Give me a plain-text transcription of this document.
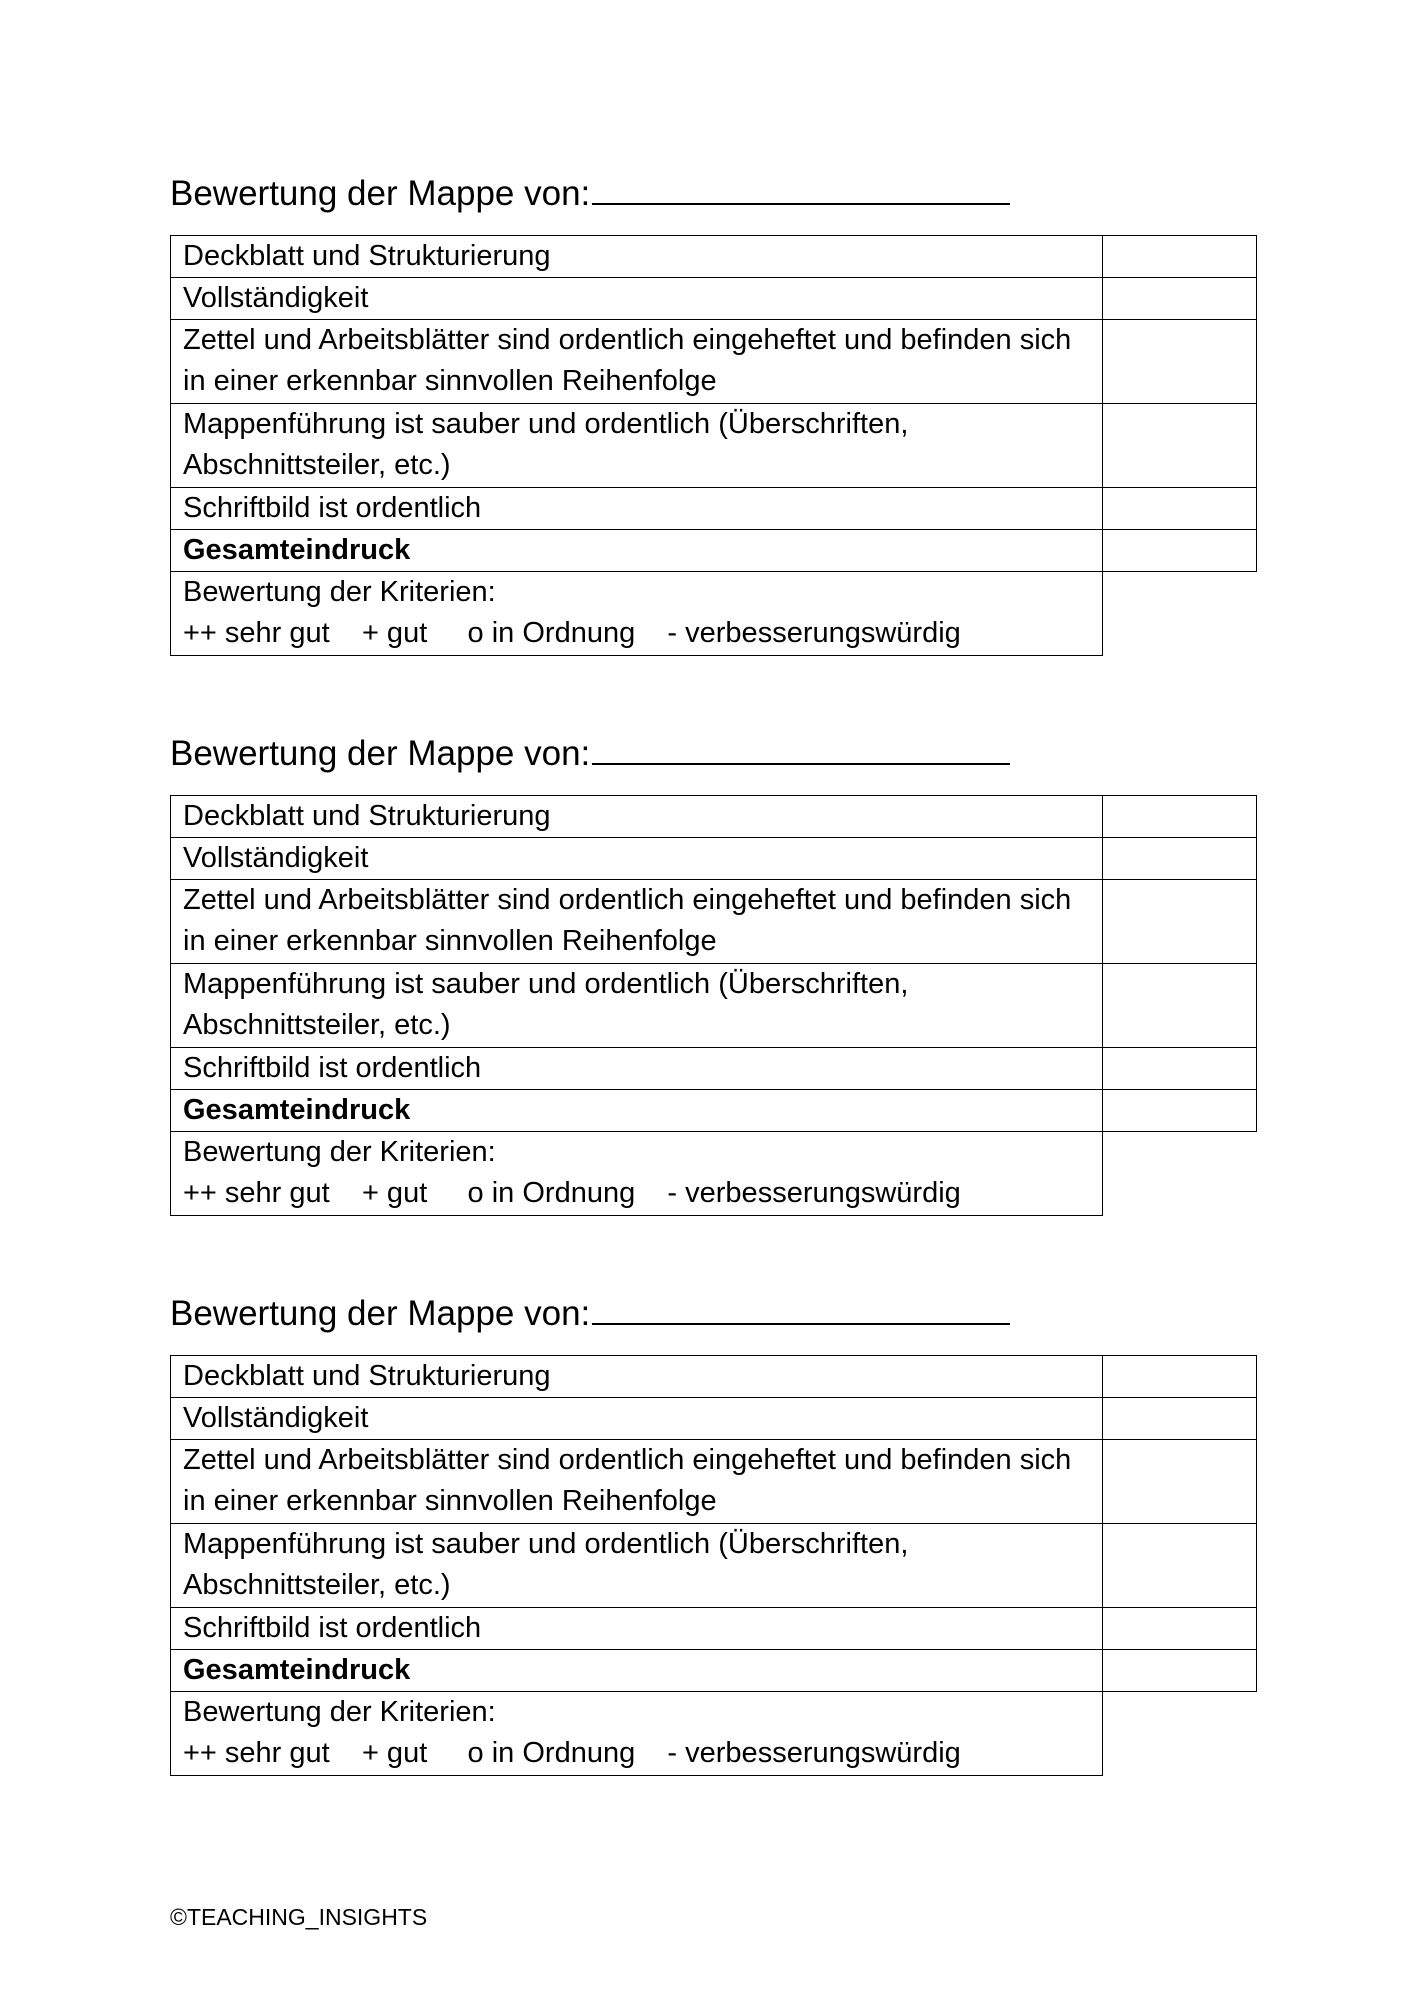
Bewertung der Mappe von:
Deckblatt und Strukturierung	
Vollständigkeit	
Zettel und Arbeitsblätter sind ordentlich eingeheftet und befinden sich in einer erkennbar sinnvollen Reihenfolge	
Mappenführung ist sauber und ordentlich (Überschriften, Abschnittsteiler, etc.)	
Schriftbild ist ordentlich	
Gesamteindruck	

Bewertung der Kriterien:
++ sehr gut    + gut     o in Ordnung    - verbesserungswürdig	

Bewertung der Mappe von:
Deckblatt und Strukturierung	
Vollständigkeit	
Zettel und Arbeitsblätter sind ordentlich eingeheftet und befinden sich in einer erkennbar sinnvollen Reihenfolge	
Mappenführung ist sauber und ordentlich (Überschriften, Abschnittsteiler, etc.)	
Schriftbild ist ordentlich	
Gesamteindruck	

Bewertung der Kriterien:
++ sehr gut    + gut     o in Ordnung    - verbesserungswürdig	

Bewertung der Mappe von:
Deckblatt und Strukturierung	
Vollständigkeit	
Zettel und Arbeitsblätter sind ordentlich eingeheftet und befinden sich in einer erkennbar sinnvollen Reihenfolge	
Mappenführung ist sauber und ordentlich (Überschriften, Abschnittsteiler, etc.)	
Schriftbild ist ordentlich	
Gesamteindruck	

Bewertung der Kriterien:
++ sehr gut    + gut     o in Ordnung    - verbesserungswürdig	

©TEACHING_INSIGHTS
